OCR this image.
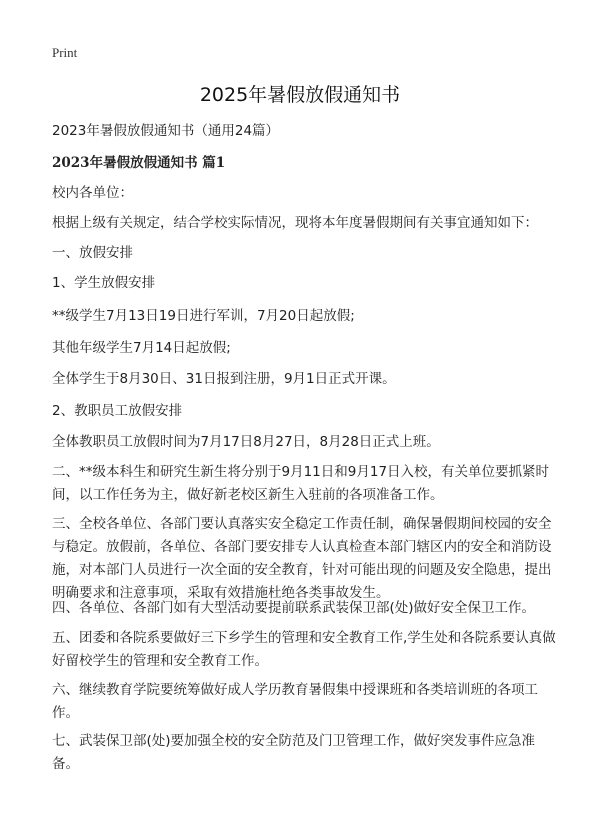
Print
2025年暑假放假通知书
2023年暑假放假通知书（通用24篇）
2023年暑假放假通知书 篇1
校内各单位：
根据上级有关规定，结合学校实际情况，现将本年度暑假期间有关事宜通知如下：
一、放假安排
1、学生放假安排
**级学生7月13日19日进行军训，7月20日起放假;
其他年级学生7月14日起放假;
全体学生于8月30日、31日报到注册，9月1日正式开课。
2、教职员工放假安排
全体教职员工放假时间为7月17日8月27日，8月28日正式上班。
二、**级本科生和研究生新生将分别于9月11日和9月17日入校，有关单位要抓紧时间，以工作任务为主，做好新老校区新生入驻前的各项准备工作。
三、全校各单位、各部门要认真落实安全稳定工作责任制，确保暑假期间校园的安全与稳定。放假前，各单位、各部门要安排专人认真检查本部门辖区内的安全和消防设施，对本部门人员进行一次全面的安全教育，针对可能出现的问题及安全隐患，提出明确要求和注意事项，采取有效措施杜绝各类事故发生。
四、各单位、各部门如有大型活动要提前联系武装保卫部(处)做好安全保卫工作。
五、团委和各院系要做好三下乡学生的管理和安全教育工作,学生处和各院系要认真做好留校学生的管理和安全教育工作。
六、继续教育学院要统筹做好成人学历教育暑假集中授课班和各类培训班的各项工作。
七、武装保卫部(处)要加强全校的安全防范及门卫管理工作，做好突发事件应急准备。
